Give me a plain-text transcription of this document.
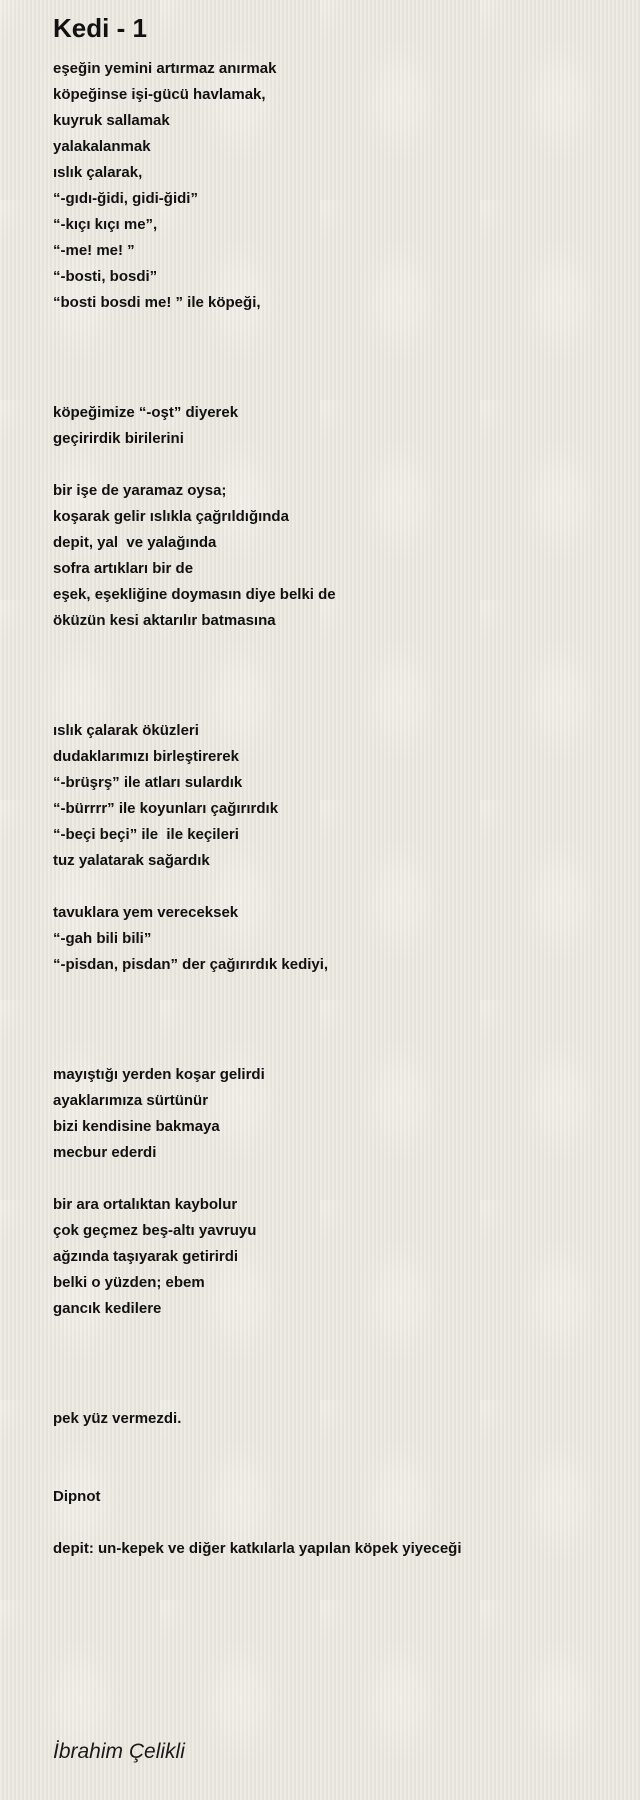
Kedi - 1
eşeğin yemini artırmaz anırmak
köpeğinse işi-gücü havlamak,
kuyruk sallamak
yalakalanmak
ıslık çalarak,
“-gıdı-ğidi, gidi-ğidi”
“-kıçı kıçı me”,
“-me! me! ”
“-bosti, bosdi”
“bosti bosdi me! ” ile köpeği,
köpeğimize “-oşt” diyerek
geçirirdik birilerini
bir işe de yaramaz oysa;
koşarak gelir ıslıkla çağrıldığında
depit, yal  ve yalağında
sofra artıkları bir de
eşek, eşekliğine doymasın diye belki de
öküzün kesi aktarılır batmasına
ıslık çalarak öküzleri
dudaklarımızı birleştirerek
“-brüşrş” ile atları sulardık
“-bürrrr” ile koyunları çağırırdık
“-beçi beçi” ile  ile keçileri
tuz yalatarak sağardık
tavuklara yem vereceksek
“-gah bili bili”
“-pisdan, pisdan” der çağırırdık kediyi,
mayıştığı yerden koşar gelirdi
ayaklarımıza sürtünür
bizi kendisine bakmaya
mecbur ederdi
bir ara ortalıktan kaybolur
çok geçmez beş-altı yavruyu
ağzında taşıyarak getirirdi
belki o yüzden; ebem
gancık kedilere
pek yüz vermezdi.
Dipnot
depit: un-kepek ve diğer katkılarla yapılan köpek yiyeceği
İbrahim Çelikli
